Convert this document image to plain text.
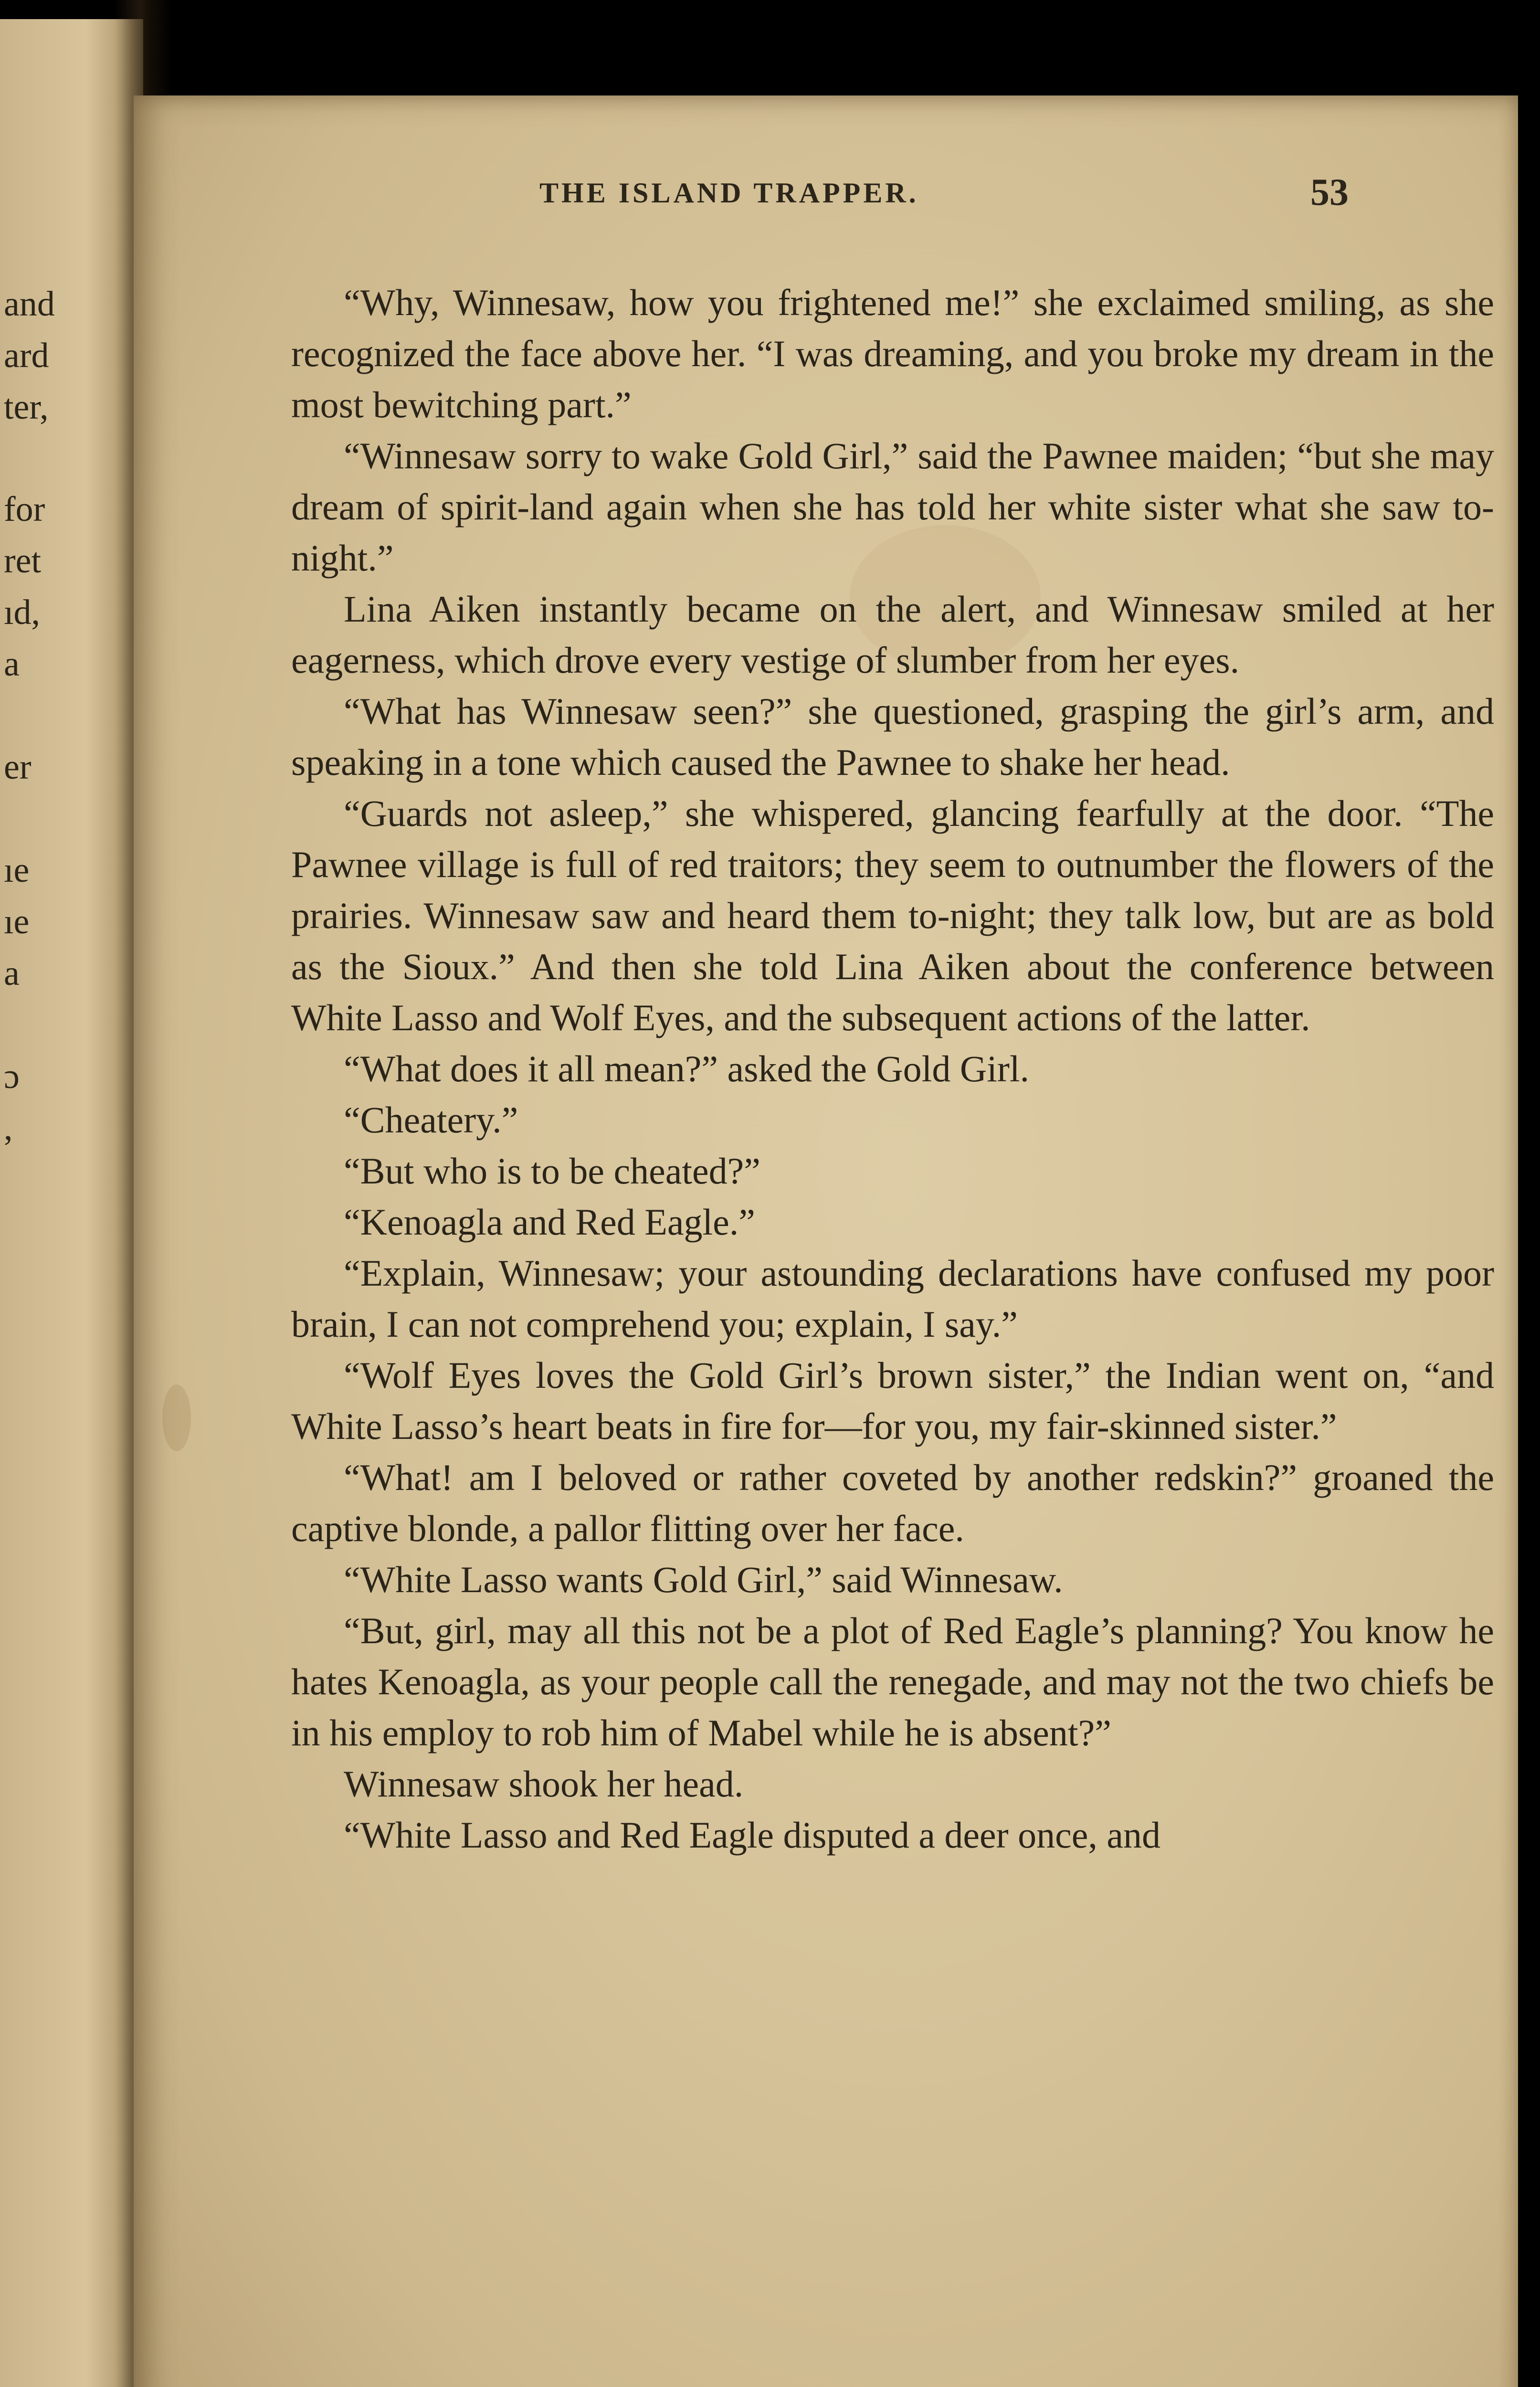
and
ard
ter,
for
ret
ıd,
a
er
ıe
ıe
a
ɔ
,
THE ISLAND TRAPPER.	53

“Why, Winnesaw, how you frightened me!” she exclaimed smiling, as she recognized the face above her. “I was dreaming, and you broke my dream in the most bewitching part.”

“Winnesaw sorry to wake Gold Girl,” said the Pawnee maiden; “but she may dream of spirit-land again when she has told her white sister what she saw to-night.”

Lina Aiken instantly became on the alert, and Winnesaw smiled at her eagerness, which drove every vestige of slumber from her eyes.

“What has Winnesaw seen?” she questioned, grasping the girl’s arm, and speaking in a tone which caused the Pawnee to shake her head.

“Guards not asleep,” she whispered, glancing fearfully at the door. “The Pawnee village is full of red traitors; they seem to outnumber the flowers of the prairies. Winnesaw saw and heard them to-night; they talk low, but are as bold as the Sioux.” And then she told Lina Aiken about the conference between White Lasso and Wolf Eyes, and the subsequent actions of the latter.

“What does it all mean?” asked the Gold Girl.

“Cheatery.”

“But who is to be cheated?”

“Kenoagla and Red Eagle.”

“Explain, Winnesaw; your astounding declarations have confused my poor brain, I can not comprehend you; explain, I say.”

“Wolf Eyes loves the Gold Girl’s brown sister,” the Indian went on, “and White Lasso’s heart beats in fire for—for you, my fair-skinned sister.”

“What! am I beloved or rather coveted by another redskin?” groaned the captive blonde, a pallor flitting over her face.

“White Lasso wants Gold Girl,” said Winnesaw.

“But, girl, may all this not be a plot of Red Eagle’s planning? You know he hates Kenoagla, as your people call the renegade, and may not the two chiefs be in his employ to rob him of Mabel while he is absent?”

Winnesaw shook her head.

“White Lasso and Red Eagle disputed a deer once, and
